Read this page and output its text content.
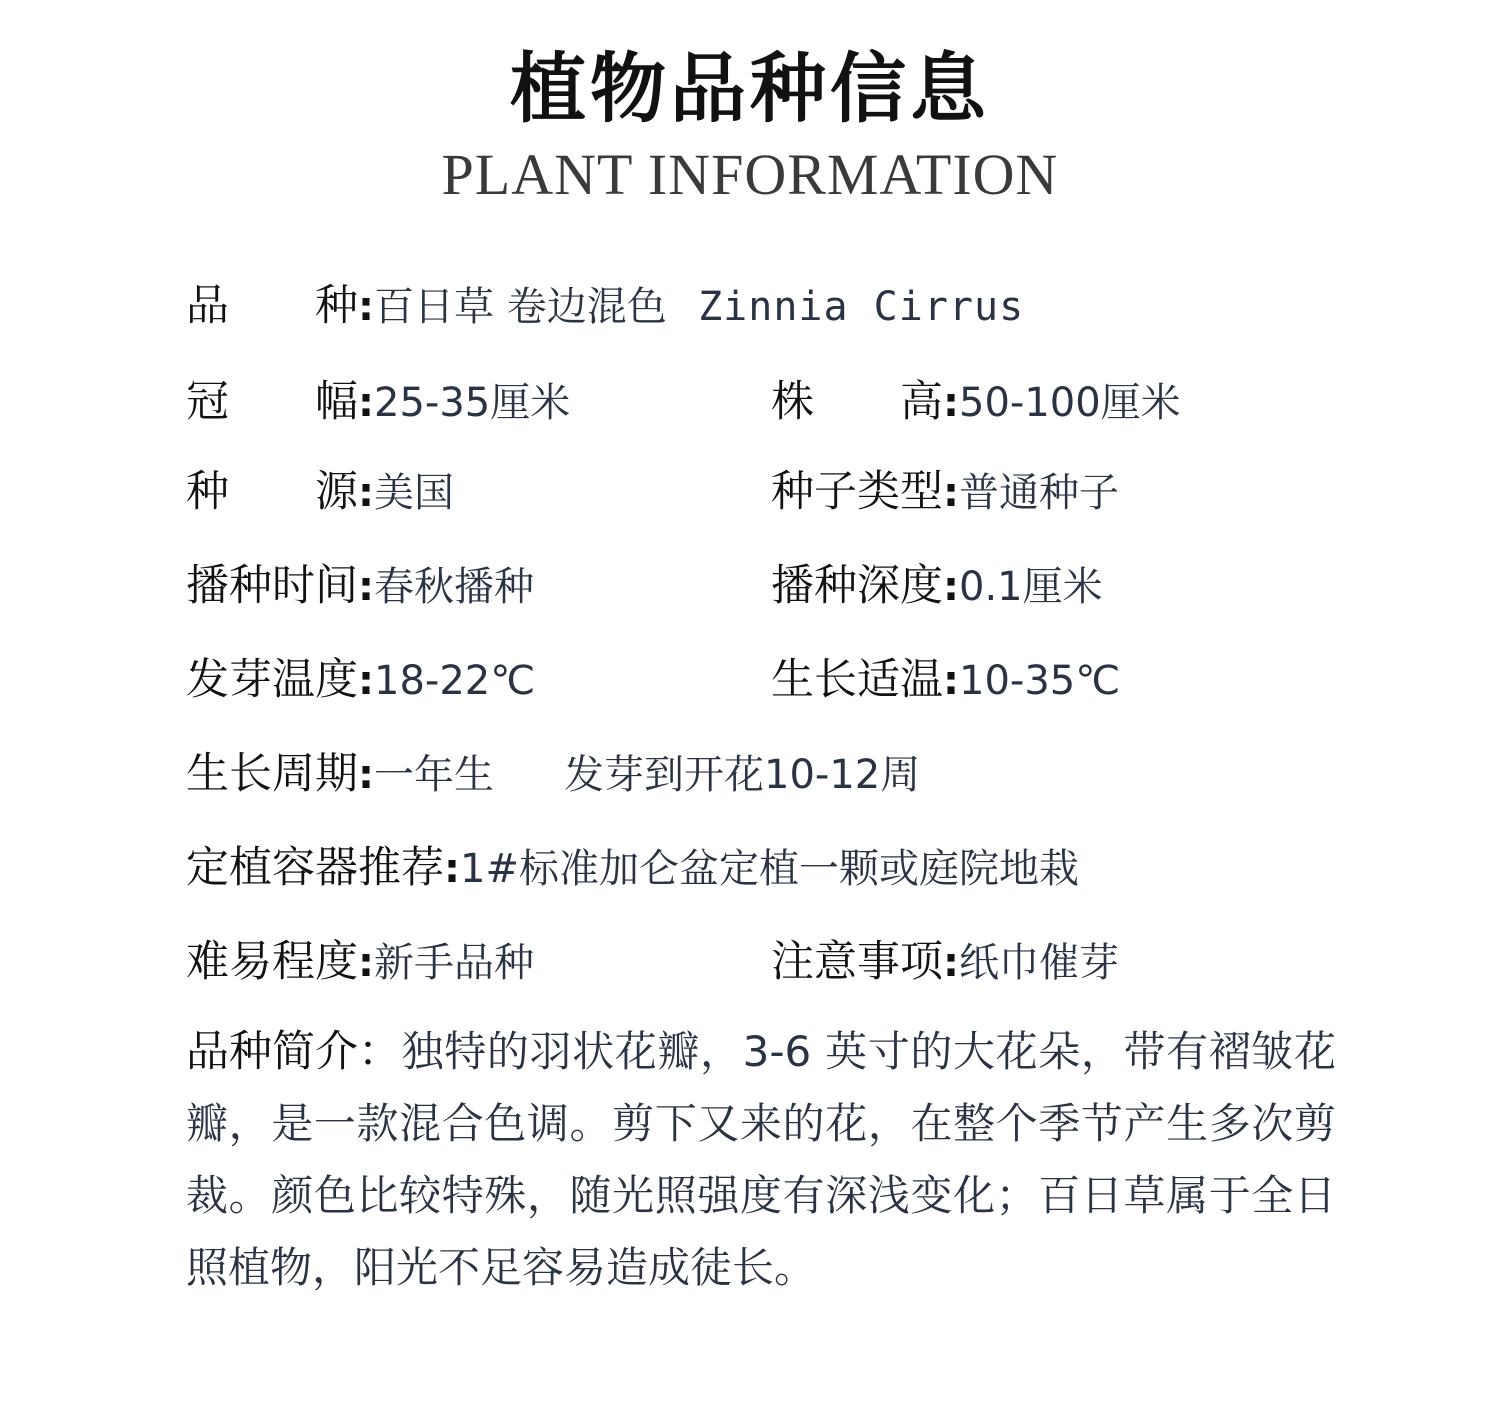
植物品种信息
PLANT INFORMATION
品　　种:百日草 卷边混色 Zinnia Cirrus
冠　　幅:25-35厘米	株　　高:50-100厘米
种　　源:美国	种子类型:普通种子
播种时间:春秋播种	播种深度:0.1厘米
发芽温度:18-22℃	生长适温:10-35℃
生长周期:一年生 发芽到开花10-12周
定植容器推荐:1#标准加仑盆定植一颗或庭院地栽
难易程度:新手品种	注意事项:纸巾催芽
品种简介：独特的羽状花瓣，3-6 英寸的大花朵，带有褶皱花瓣，是一款混合色调。剪下又来的花，在整个季节产生多次剪裁。颜色比较特殊，随光照强度有深浅变化；百日草属于全日照植物，阳光不足容易造成徒长。
